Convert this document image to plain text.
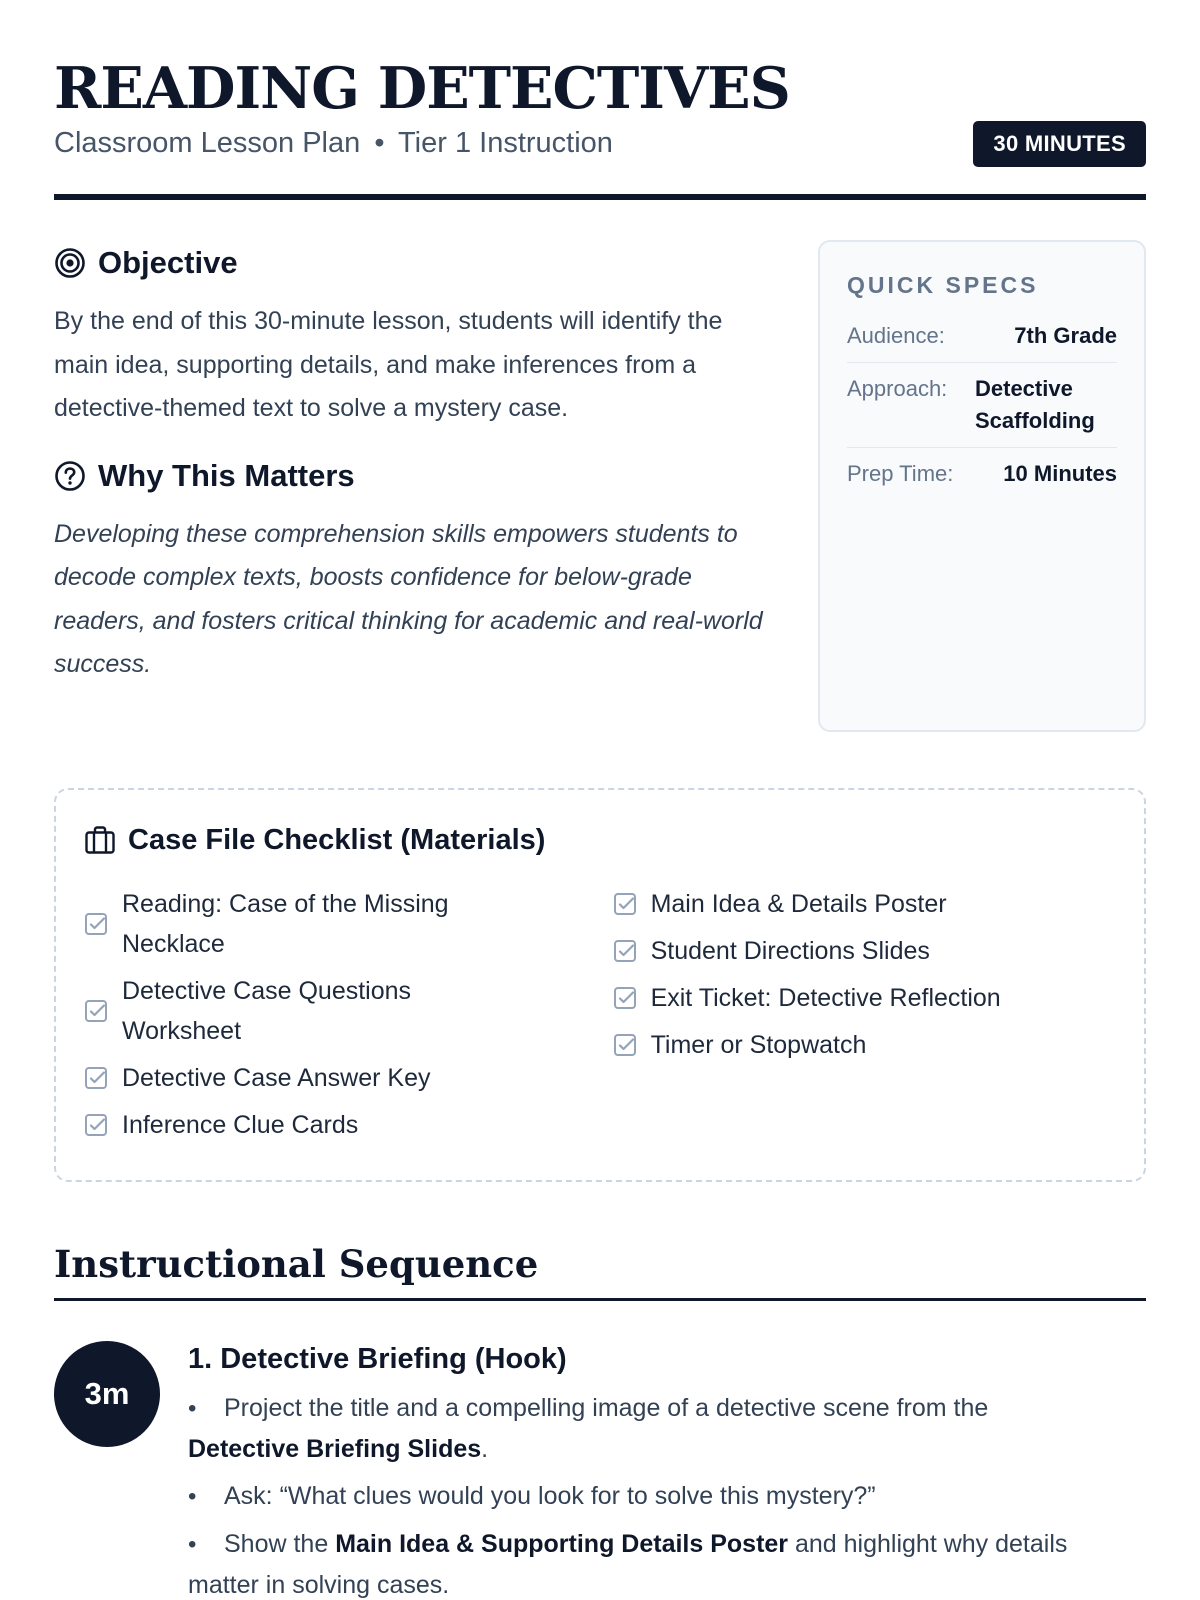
READING DETECTIVES
Classroom Lesson Plan • Tier 1 Instruction	30 MINUTES
Objective

By the end of this 30-minute lesson, students will identify the main idea, supporting details, and make inferences from a detective-themed text to solve a mystery case.

Why This Matters

Developing these comprehension skills empowers students to decode complex texts, boosts confidence for below-grade readers, and fosters critical thinking for academic and real-world success.

QUICK SPECS
Audience:	7th Grade
Approach: Detective Scaffolding
Prep Time: 10 Minutes
Case File Checklist (Materials)
Reading: Case of the Missing Necklace
Detective Case Questions Worksheet
Detective Case Answer Key
Inference Clue Cards
Main Idea & Details Poster
Student Directions Slides
Exit Ticket: Detective Reflection
Timer or Stopwatch
Instructional Sequence
3m
1. Detective Briefing (Hook)
• Project the title and a compelling image of a detective scene from the Detective Briefing Slides.
• Ask: “What clues would you look for to solve this mystery?”
• Show the Main Idea & Supporting Details Poster and highlight why details matter in solving cases.
